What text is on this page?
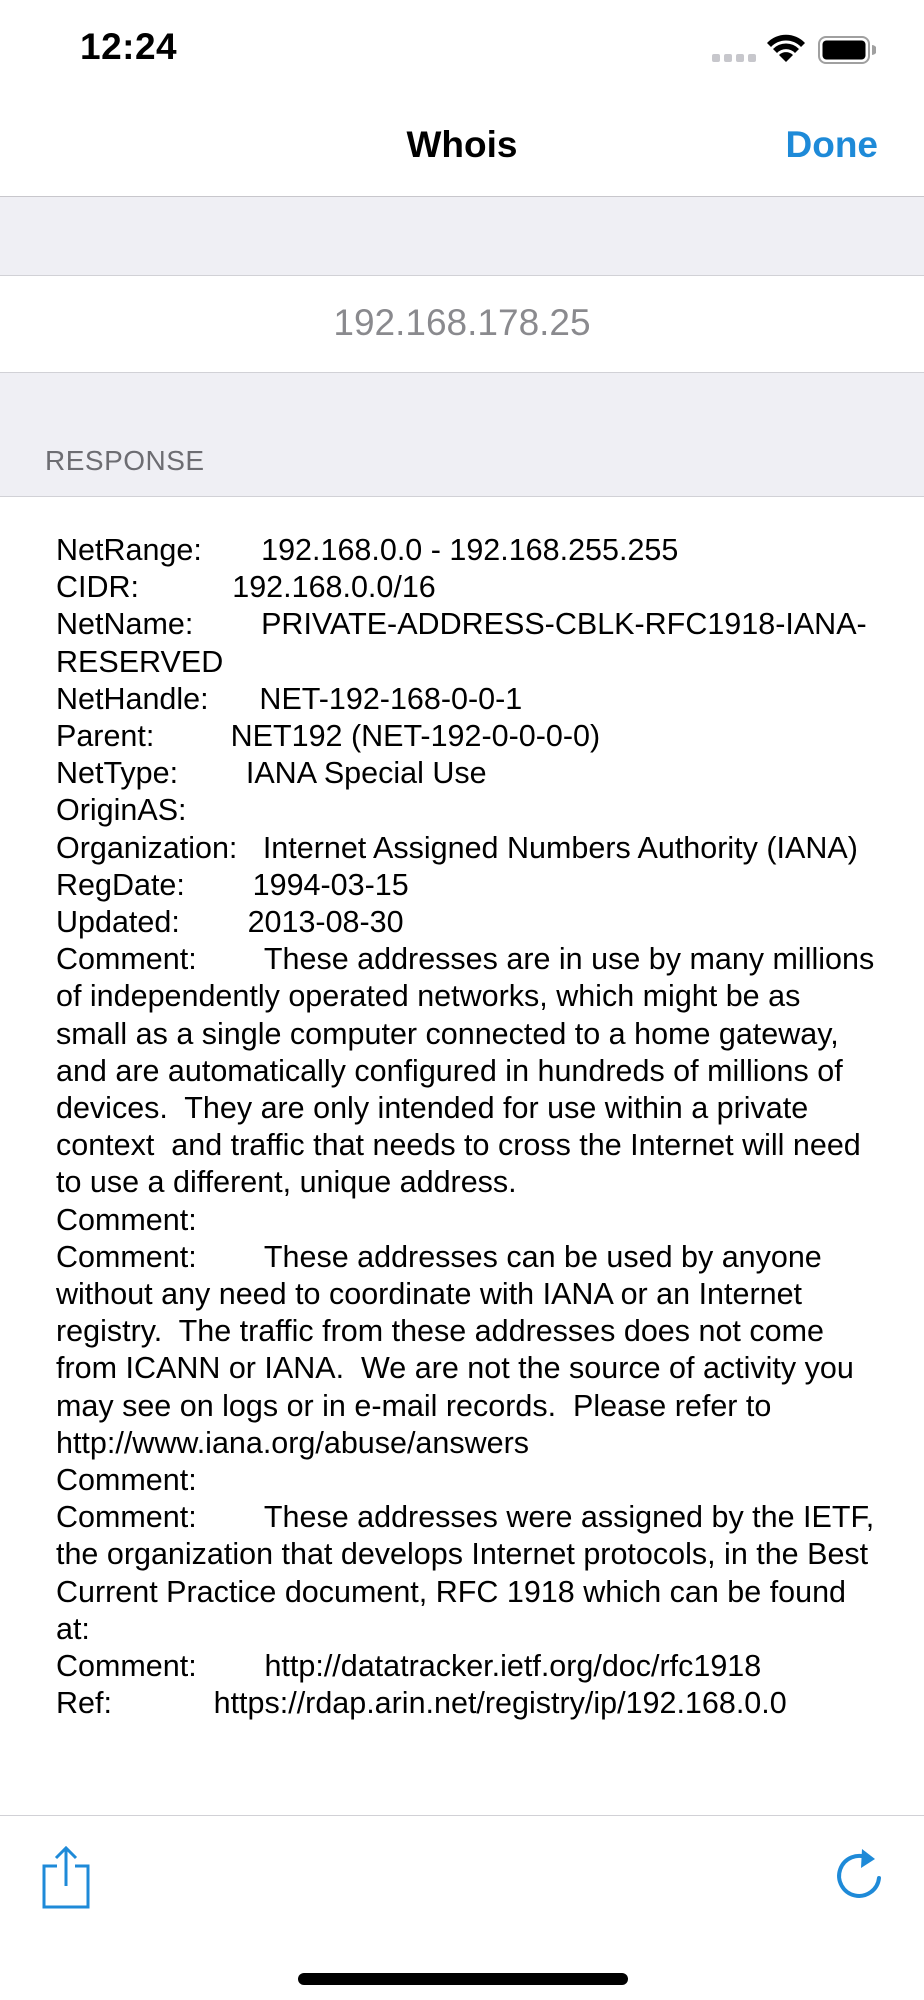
12:24
Whois	Done
192.168.178.25
RESPONSE
NetRange:       192.168.0.0 - 192.168.255.255
CIDR:           192.168.0.0/16
NetName:        PRIVATE-ADDRESS-CBLK-RFC1918-IANA-RESERVED
NetHandle:      NET-192-168-0-0-1
Parent:         NET192 (NET-192-0-0-0-0)
NetType:        IANA Special Use
OriginAS:
Organization:   Internet Assigned Numbers Authority (IANA)
RegDate:        1994-03-15
Updated:        2013-08-30
Comment:        These addresses are in use by many millions of independently operated networks, which might be as small as a single computer connected to a home gateway, and are automatically configured in hundreds of millions of devices.  They are only intended for use within a private context  and traffic that needs to cross the Internet will need to use a different, unique address.
Comment:
Comment:        These addresses can be used by anyone without any need to coordinate with IANA or an Internet registry.  The traffic from these addresses does not come from ICANN or IANA.  We are not the source of activity you may see on logs or in e-mail records.  Please refer to http://www.iana.org/abuse/answers
Comment:
Comment:        These addresses were assigned by the IETF, the organization that develops Internet protocols, in the Best Current Practice document, RFC 1918 which can be found at:
Comment:        http://datatracker.ietf.org/doc/rfc1918
Ref:            https://rdap.arin.net/registry/ip/192.168.0.0
